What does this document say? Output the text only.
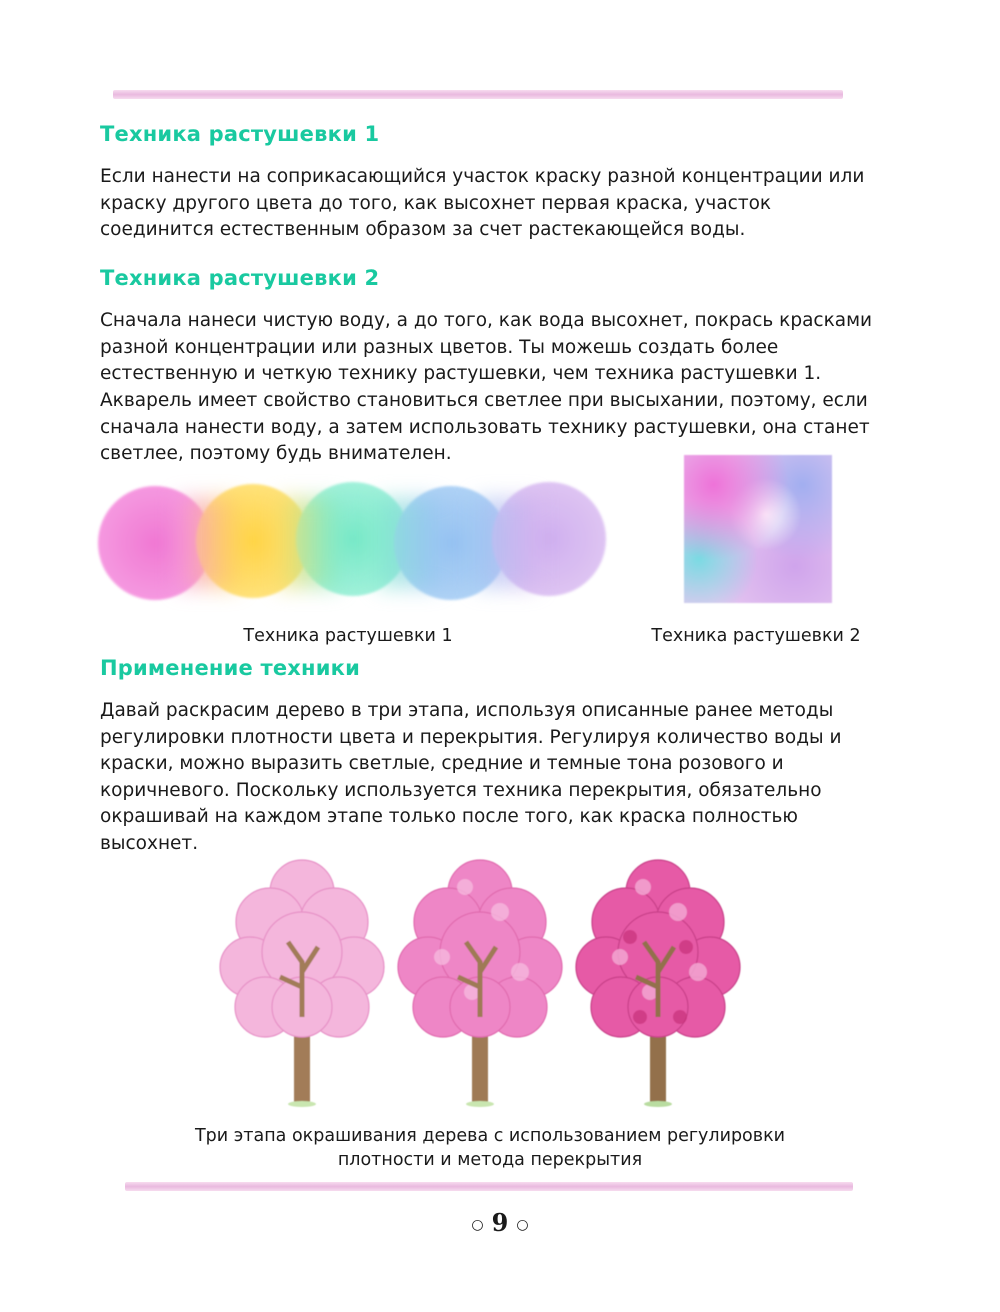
Техника растушевки 1

Если нанести на соприкасающийся участок краску разной концентрации или краску другого цвета до того, как высохнет первая краска, участок соединится естественным образом за счет растекающейся воды.

Техника растушевки 2

Сначала нанеси чистую воду, а до того, как вода высохнет, покрась красками разной концентрации или разных цветов. Ты можешь создать более естественную и четкую технику растушевки, чем техника растушевки 1.

Акварель имеет свойство становиться светлее при высыхании, поэтому, если сначала нанести воду, а затем использовать технику растушевки, она станет светлее, поэтому будь внимателен.

Техника растушевки 1	Техника растушевки 2
Применение техники

Давай раскрасим дерево в три этапа, используя описанные ранее методы регулировки плотности цвета и перекрытия. Регулируя количество воды и краски, можно выразить светлые, средние и темные тона розового и коричневого. Поскольку используется техника перекрытия, обязательно окрашивай на каждом этапе только после того, как краска полностью высохнет.

Три этапа окрашивания дерева с использованием регулировки
плотности и метода перекрытия
○ 9 ○
